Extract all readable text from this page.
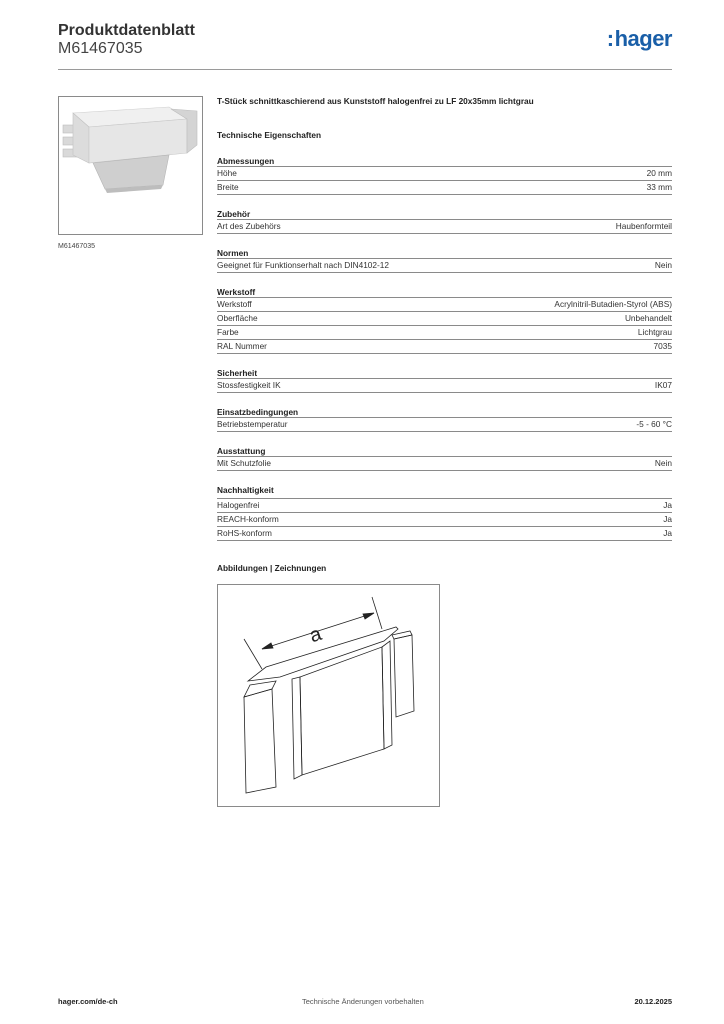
Produktdatenblatt
M61467035	:hager
M61467035
T-Stück schnittkaschierend aus Kunststoff halogenfrei zu LF 20x35mm lichtgrau
Technische Eigenschaften
Abmessungen
Höhe	20 mm
Breite	33 mm
Zubehör
Art des Zubehörs	Haubenformteil
Normen
Geeignet für Funktionserhalt nach DIN4102-12	Nein
Werkstoff
Werkstoff	Acrylnitril-Butadien-Styrol (ABS)
Oberfläche	Unbehandelt
Farbe	Lichtgrau
RAL Nummer	7035
Sicherheit
Stossfestigkeit IK	IK07
Einsatzbedingungen
Betriebstemperatur	-5 - 60 °C
Ausstattung
Mit Schutzfolie	Nein
Nachhaltigkeit
Halogenfrei	Ja
REACH-konform	Ja
RoHS-konform	Ja
Abbildungen | Zeichnungen
a
hager.com/de-ch	Technische Änderungen vorbehalten	20.12.2025
